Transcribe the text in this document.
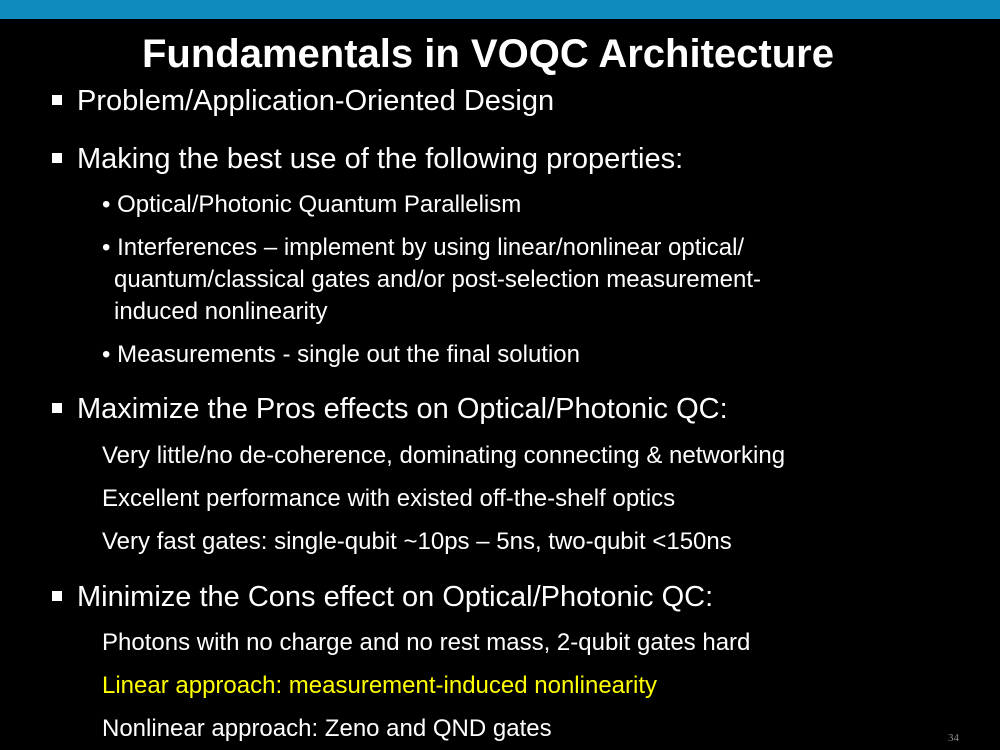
Fundamentals in VOQC Architecture
Problem/Application-Oriented Design
Making the best use of the following properties:
• Optical/Photonic Quantum Parallelism
• Interferences – implement by using linear/nonlinear optical/
quantum/classical gates and/or post-selection measurement-
induced nonlinearity
• Measurements - single out the final solution
Maximize the Pros effects on Optical/Photonic QC:
Very little/no de-coherence, dominating connecting & networking
Excellent performance with existed off-the-shelf optics
Very fast gates: single-qubit ~10ps – 5ns, two-qubit <150ns
Minimize the Cons effect on Optical/Photonic QC:
Photons with no charge and no rest mass, 2-qubit gates hard
Linear approach: measurement-induced nonlinearity
Nonlinear approach: Zeno and QND gates	34
